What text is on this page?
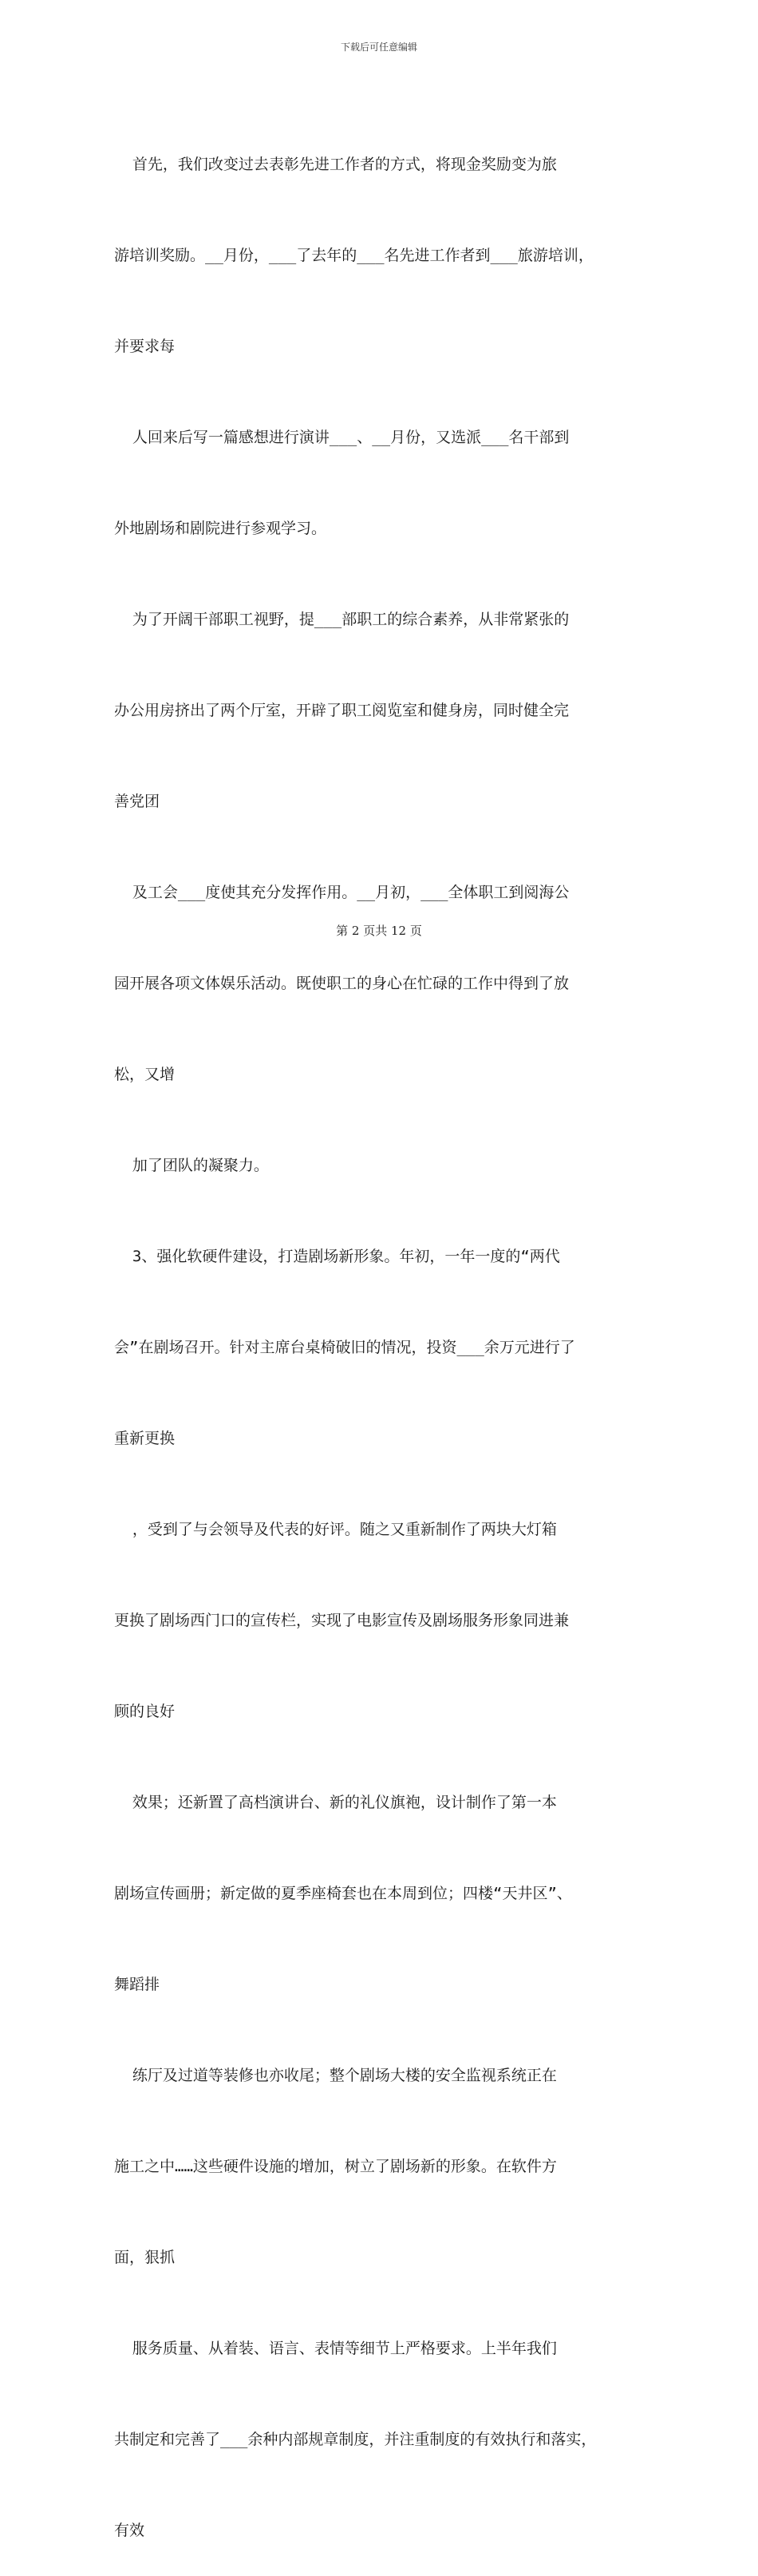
下载后可任意编辑

首先，我们改变过去表彰先进工作者的方式，将现金奖励变为旅

游培训奖励。__月份，___了去年的___名先进工作者到___旅游培训，

并要求每

人回来后写一篇感想进行演讲___、__月份，又选派___名干部到

外地剧场和剧院进行参观学习。

为了开阔干部职工视野，提___部职工的综合素养，从非常紧张的

办公用房挤出了两个厅室，开辟了职工阅览室和健身房，同时健全完

善党团

及工会___度使其充分发挥作用。__月初，___全体职工到阅海公

园开展各项文体娱乐活动。既使职工的身心在忙碌的工作中得到了放

松，又增

加了团队的凝聚力。

3、强化软硬件建设，打造剧场新形象。年初，一年一度的“两代

会”在剧场召开。针对主席台桌椅破旧的情况，投资___余万元进行了

重新更换

，受到了与会领导及代表的好评。随之又重新制作了两块大灯箱

更换了剧场西门口的宣传栏，实现了电影宣传及剧场服务形象同进兼

顾的良好

效果；还新置了高档演讲台、新的礼仪旗袍，设计制作了第一本

剧场宣传画册；新定做的夏季座椅套也在本周到位；四楼“天井区”、

舞蹈排

练厅及过道等装修也亦收尾；整个剧场大楼的安全监视系统正在

施工之中……这些硬件设施的增加，树立了剧场新的形象。在软件方

面，狠抓

服务质量、从着装、语言、表情等细节上严格要求。上半年我们

共制定和完善了___余种内部规章制度，并注重制度的有效执行和落实，

有效

第 2 页共 12 页
